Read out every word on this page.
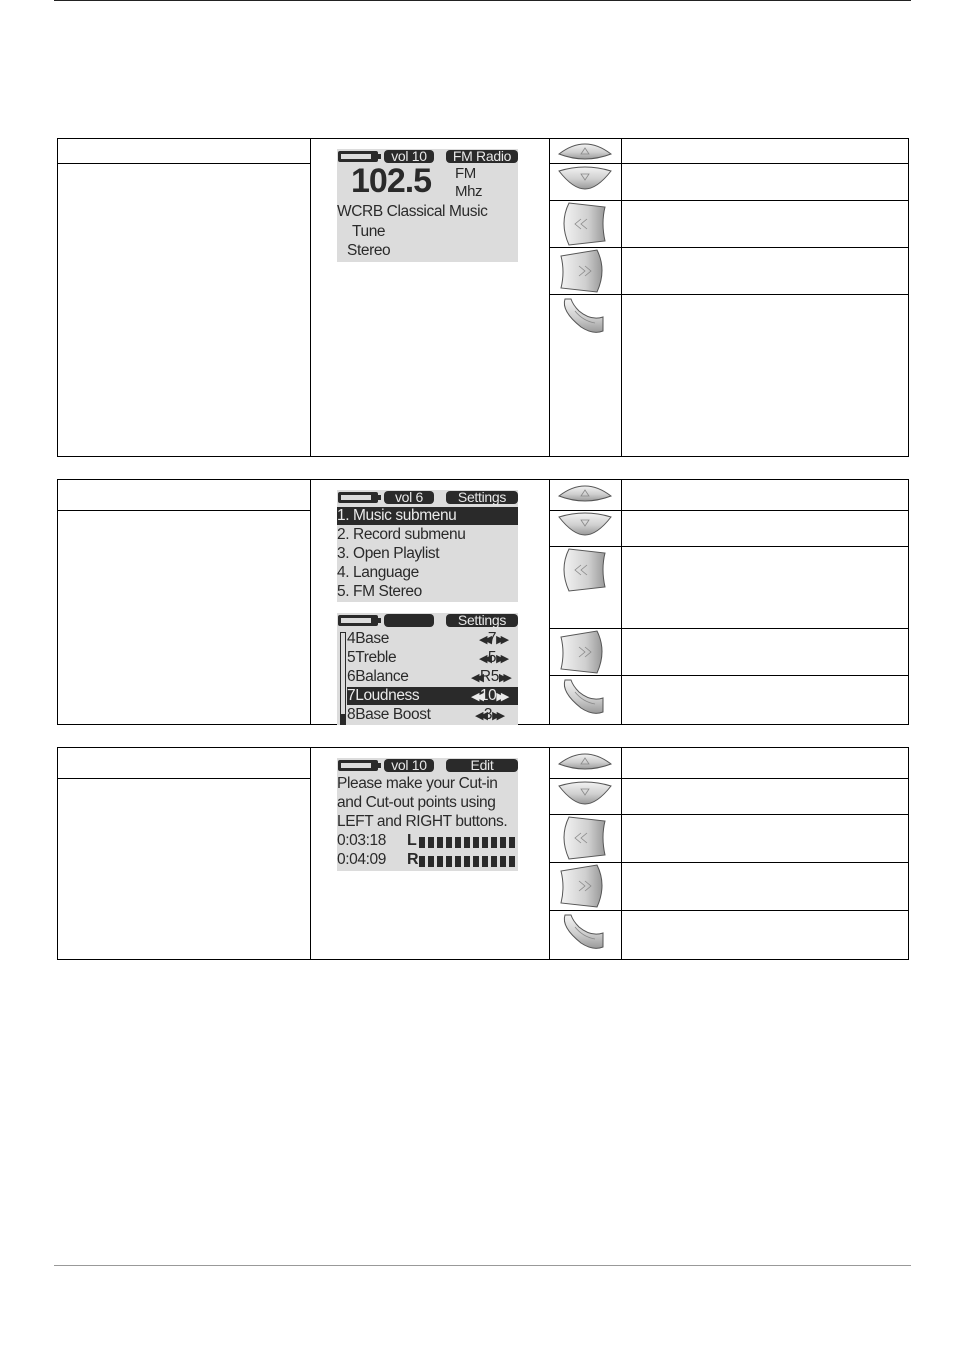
vol 10	FM Radio
102.5 FM
Mhz
WCRB Classical Music
Tune
Stereo
vol 6	Settings
1. Music submenu
2. Record submenu
3. Open Playlist
4. Language
5. FM Stereo
Settings
4Base	◀◀7▶▶
5Treble	◀◀5▶▶
6Balance	◀◀R5▶▶
7Loudness	◀◀10▶▶
8Base Boost	◀◀3▶▶
vol 10	Edit
Please make your Cut-in
and Cut-out points using
LEFT and RIGHT buttons.
0:03:18 L
0:04:09 R
